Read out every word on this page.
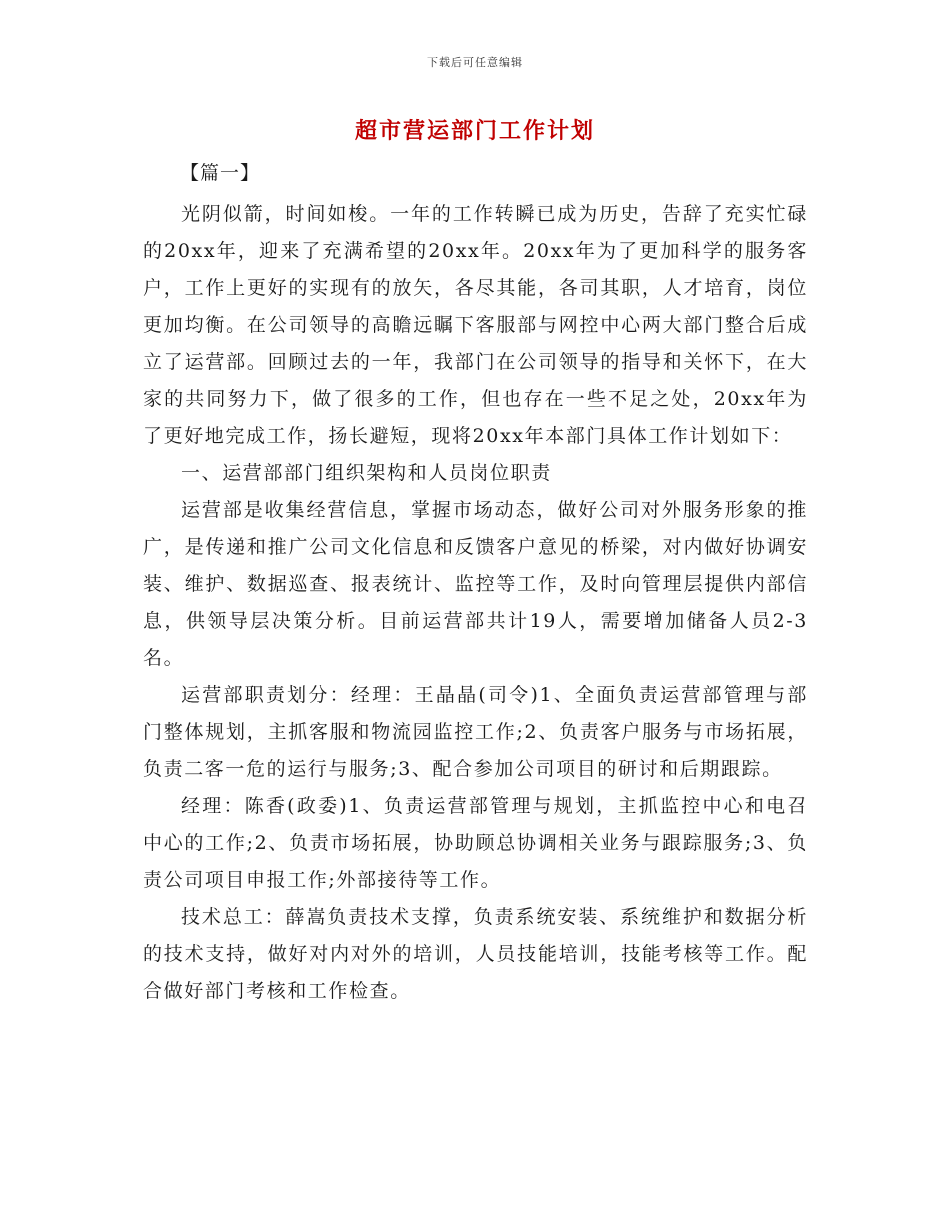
下载后可任意编辑
超市营运部门工作计划
【篇一】

光阴似箭，时间如梭。一年的工作转瞬已成为历史，告辞了充实忙碌的20xx年，迎来了充满希望的20xx年。20xx年为了更加科学的服务客户，工作上更好的实现有的放矢，各尽其能，各司其职，人才培育，岗位更加均衡。在公司领导的高瞻远瞩下客服部与网控中心两大部门整合后成立了运营部。回顾过去的一年，我部门在公司领导的指导和关怀下，在大家的共同努力下，做了很多的工作，但也存在一些不足之处，20xx年为了更好地完成工作，扬长避短，现将20xx年本部门具体工作计划如下：

一、运营部部门组织架构和人员岗位职责

运营部是收集经营信息，掌握市场动态，做好公司对外服务形象的推广，是传递和推广公司文化信息和反馈客户意见的桥梁，对内做好协调安装、维护、数据巡查、报表统计、监控等工作，及时向管理层提供内部信息，供领导层决策分析。目前运营部共计19人，需要增加储备人员2-3名。

运营部职责划分：经理：王晶晶(司令)1、全面负责运营部管理与部门整体规划，主抓客服和物流园监控工作;2、负责客户服务与市场拓展，负责二客一危的运行与服务;3、配合参加公司项目的研讨和后期跟踪。

经理：陈香(政委)1、负责运营部管理与规划，主抓监控中心和电召中心的工作;2、负责市场拓展，协助顾总协调相关业务与跟踪服务;3、负责公司项目申报工作;外部接待等工作。

技术总工：薛嵩负责技术支撑，负责系统安装、系统维护和数据分析的技术支持，做好对内对外的培训，人员技能培训，技能考核等工作。配合做好部门考核和工作检查。
